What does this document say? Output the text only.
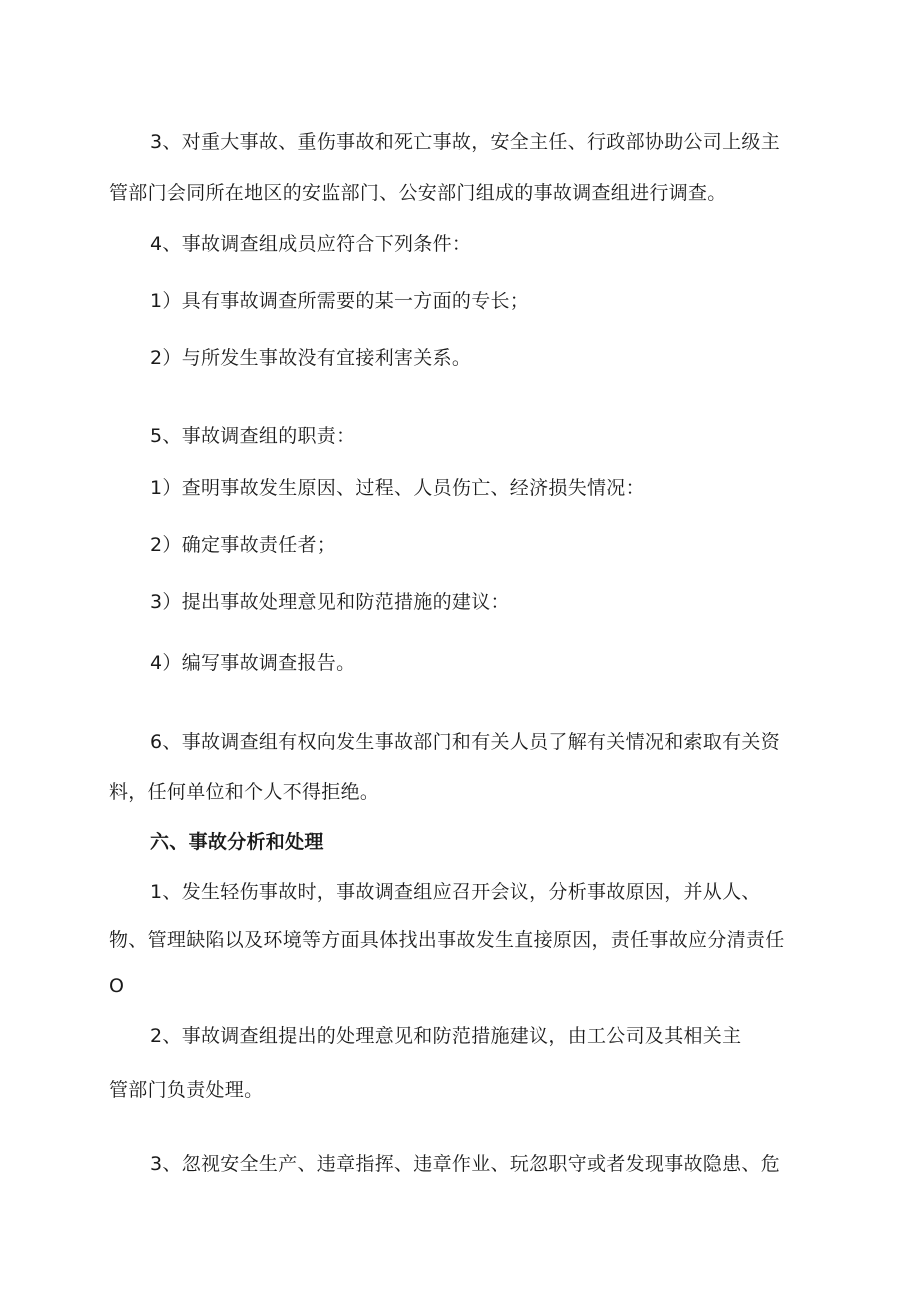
3、对重大事故、重伤事故和死亡事故，安全主任、行政部协助公司上级主
管部门会同所在地区的安监部门、公安部门组成的事故调查组进行调查。
4、事故调查组成员应符合下列条件：
1）具有事故调查所需要的某一方面的专长；
2）与所发生事故没有宜接利害关系。
5、事故调查组的职责：
1）查明事故发生原因、过程、人员伤亡、经济损失情况：
2）确定事故责任者；
3）提出事故处理意见和防范措施的建议：
4）编写事故调查报告。
6、事故调查组有权向发生事故部门和有关人员了解有关情况和索取有关资
料，任何单位和个人不得拒绝。
六、事故分析和处理
1、发生轻伤事故时，事故调查组应召开会议，分析事故原因，并从人、
物、管理缺陷以及环境等方面具体找出事故发生直接原因，责任事故应分清责任
O
2、事故调查组提出的处理意见和防范措施建议，由工公司及其相关主
管部门负责处理。
3、忽视安全生产、违章指挥、违章作业、玩忽职守或者发现事故隐患、危
